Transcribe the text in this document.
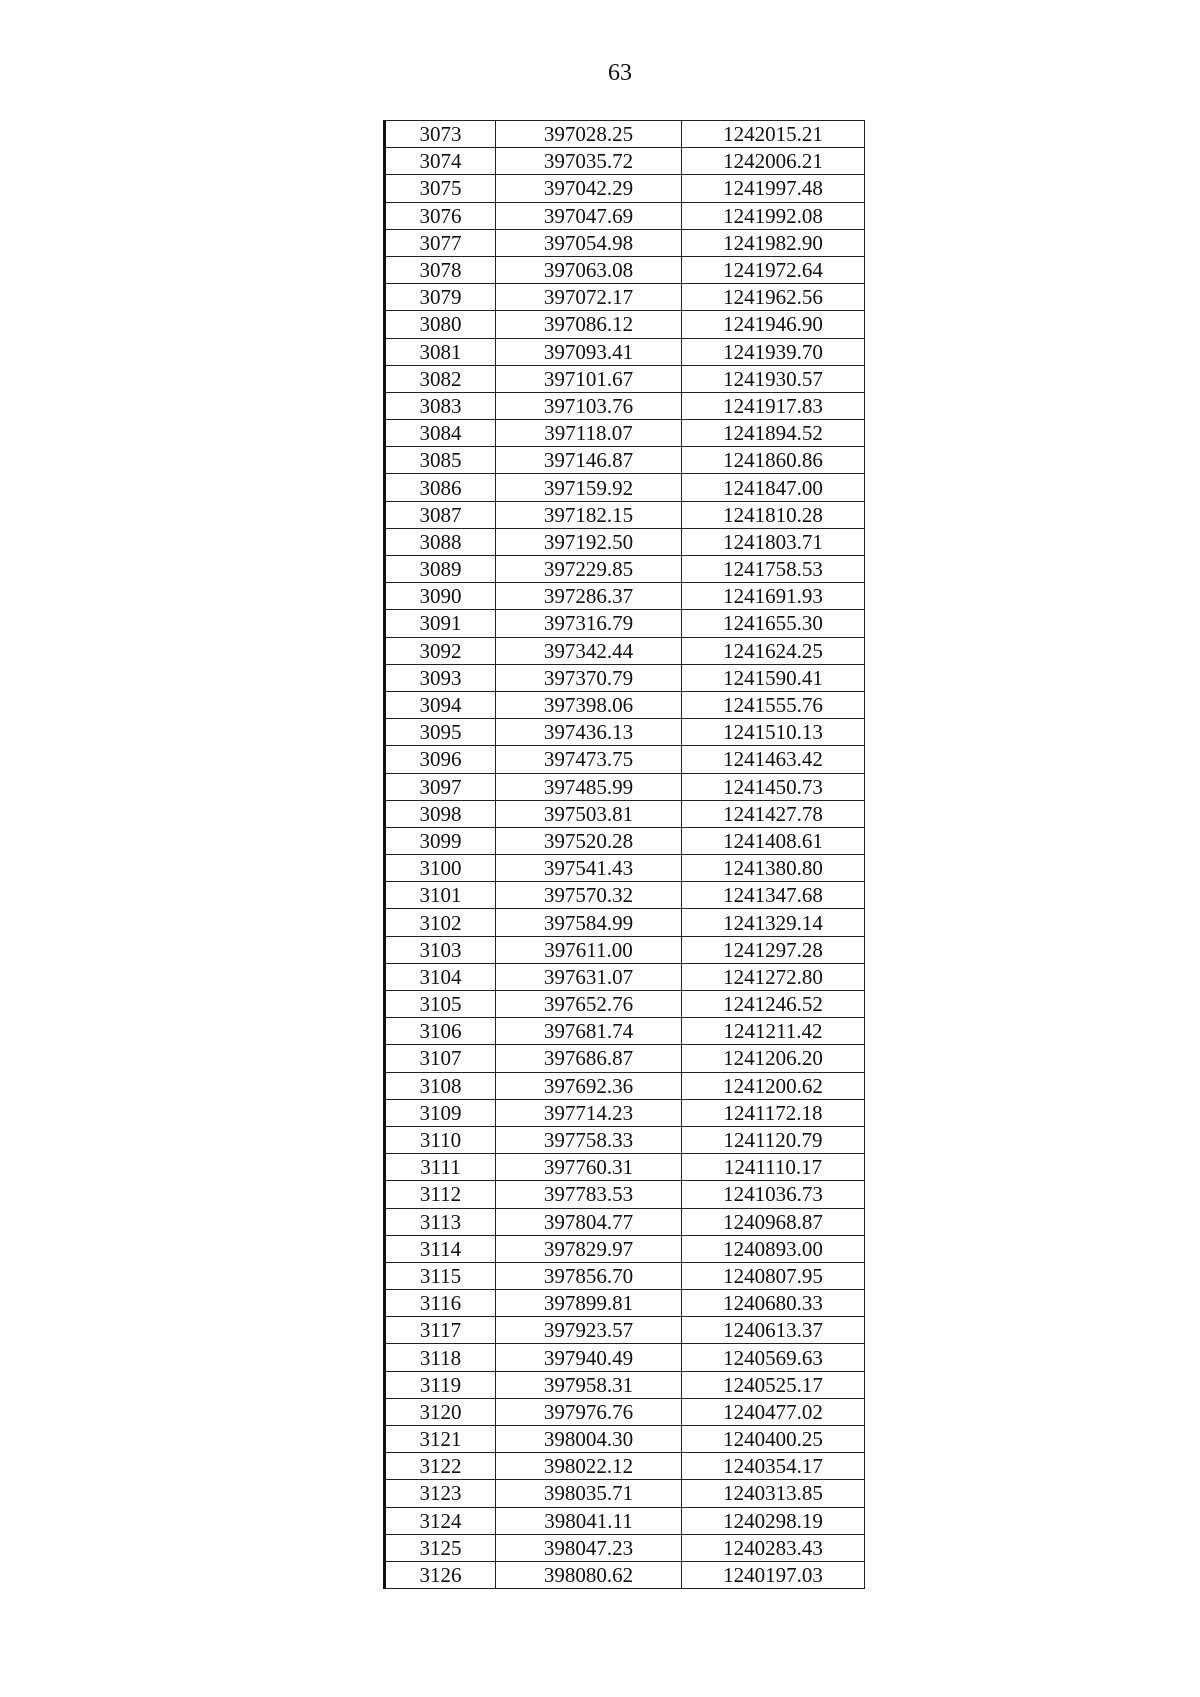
63
3073	397028.25	1242015.21
3074	397035.72	1242006.21
3075	397042.29	1241997.48
3076	397047.69	1241992.08
3077	397054.98	1241982.90
3078	397063.08	1241972.64
3079	397072.17	1241962.56
3080	397086.12	1241946.90
3081	397093.41	1241939.70
3082	397101.67	1241930.57
3083	397103.76	1241917.83
3084	397118.07	1241894.52
3085	397146.87	1241860.86
3086	397159.92	1241847.00
3087	397182.15	1241810.28
3088	397192.50	1241803.71
3089	397229.85	1241758.53
3090	397286.37	1241691.93
3091	397316.79	1241655.30
3092	397342.44	1241624.25
3093	397370.79	1241590.41
3094	397398.06	1241555.76
3095	397436.13	1241510.13
3096	397473.75	1241463.42
3097	397485.99	1241450.73
3098	397503.81	1241427.78
3099	397520.28	1241408.61
3100	397541.43	1241380.80
3101	397570.32	1241347.68
3102	397584.99	1241329.14
3103	397611.00	1241297.28
3104	397631.07	1241272.80
3105	397652.76	1241246.52
3106	397681.74	1241211.42
3107	397686.87	1241206.20
3108	397692.36	1241200.62
3109	397714.23	1241172.18
3110	397758.33	1241120.79
3111	397760.31	1241110.17
3112	397783.53	1241036.73
3113	397804.77	1240968.87
3114	397829.97	1240893.00
3115	397856.70	1240807.95
3116	397899.81	1240680.33
3117	397923.57	1240613.37
3118	397940.49	1240569.63
3119	397958.31	1240525.17
3120	397976.76	1240477.02
3121	398004.30	1240400.25
3122	398022.12	1240354.17
3123	398035.71	1240313.85
3124	398041.11	1240298.19
3125	398047.23	1240283.43
3126	398080.62	1240197.03
